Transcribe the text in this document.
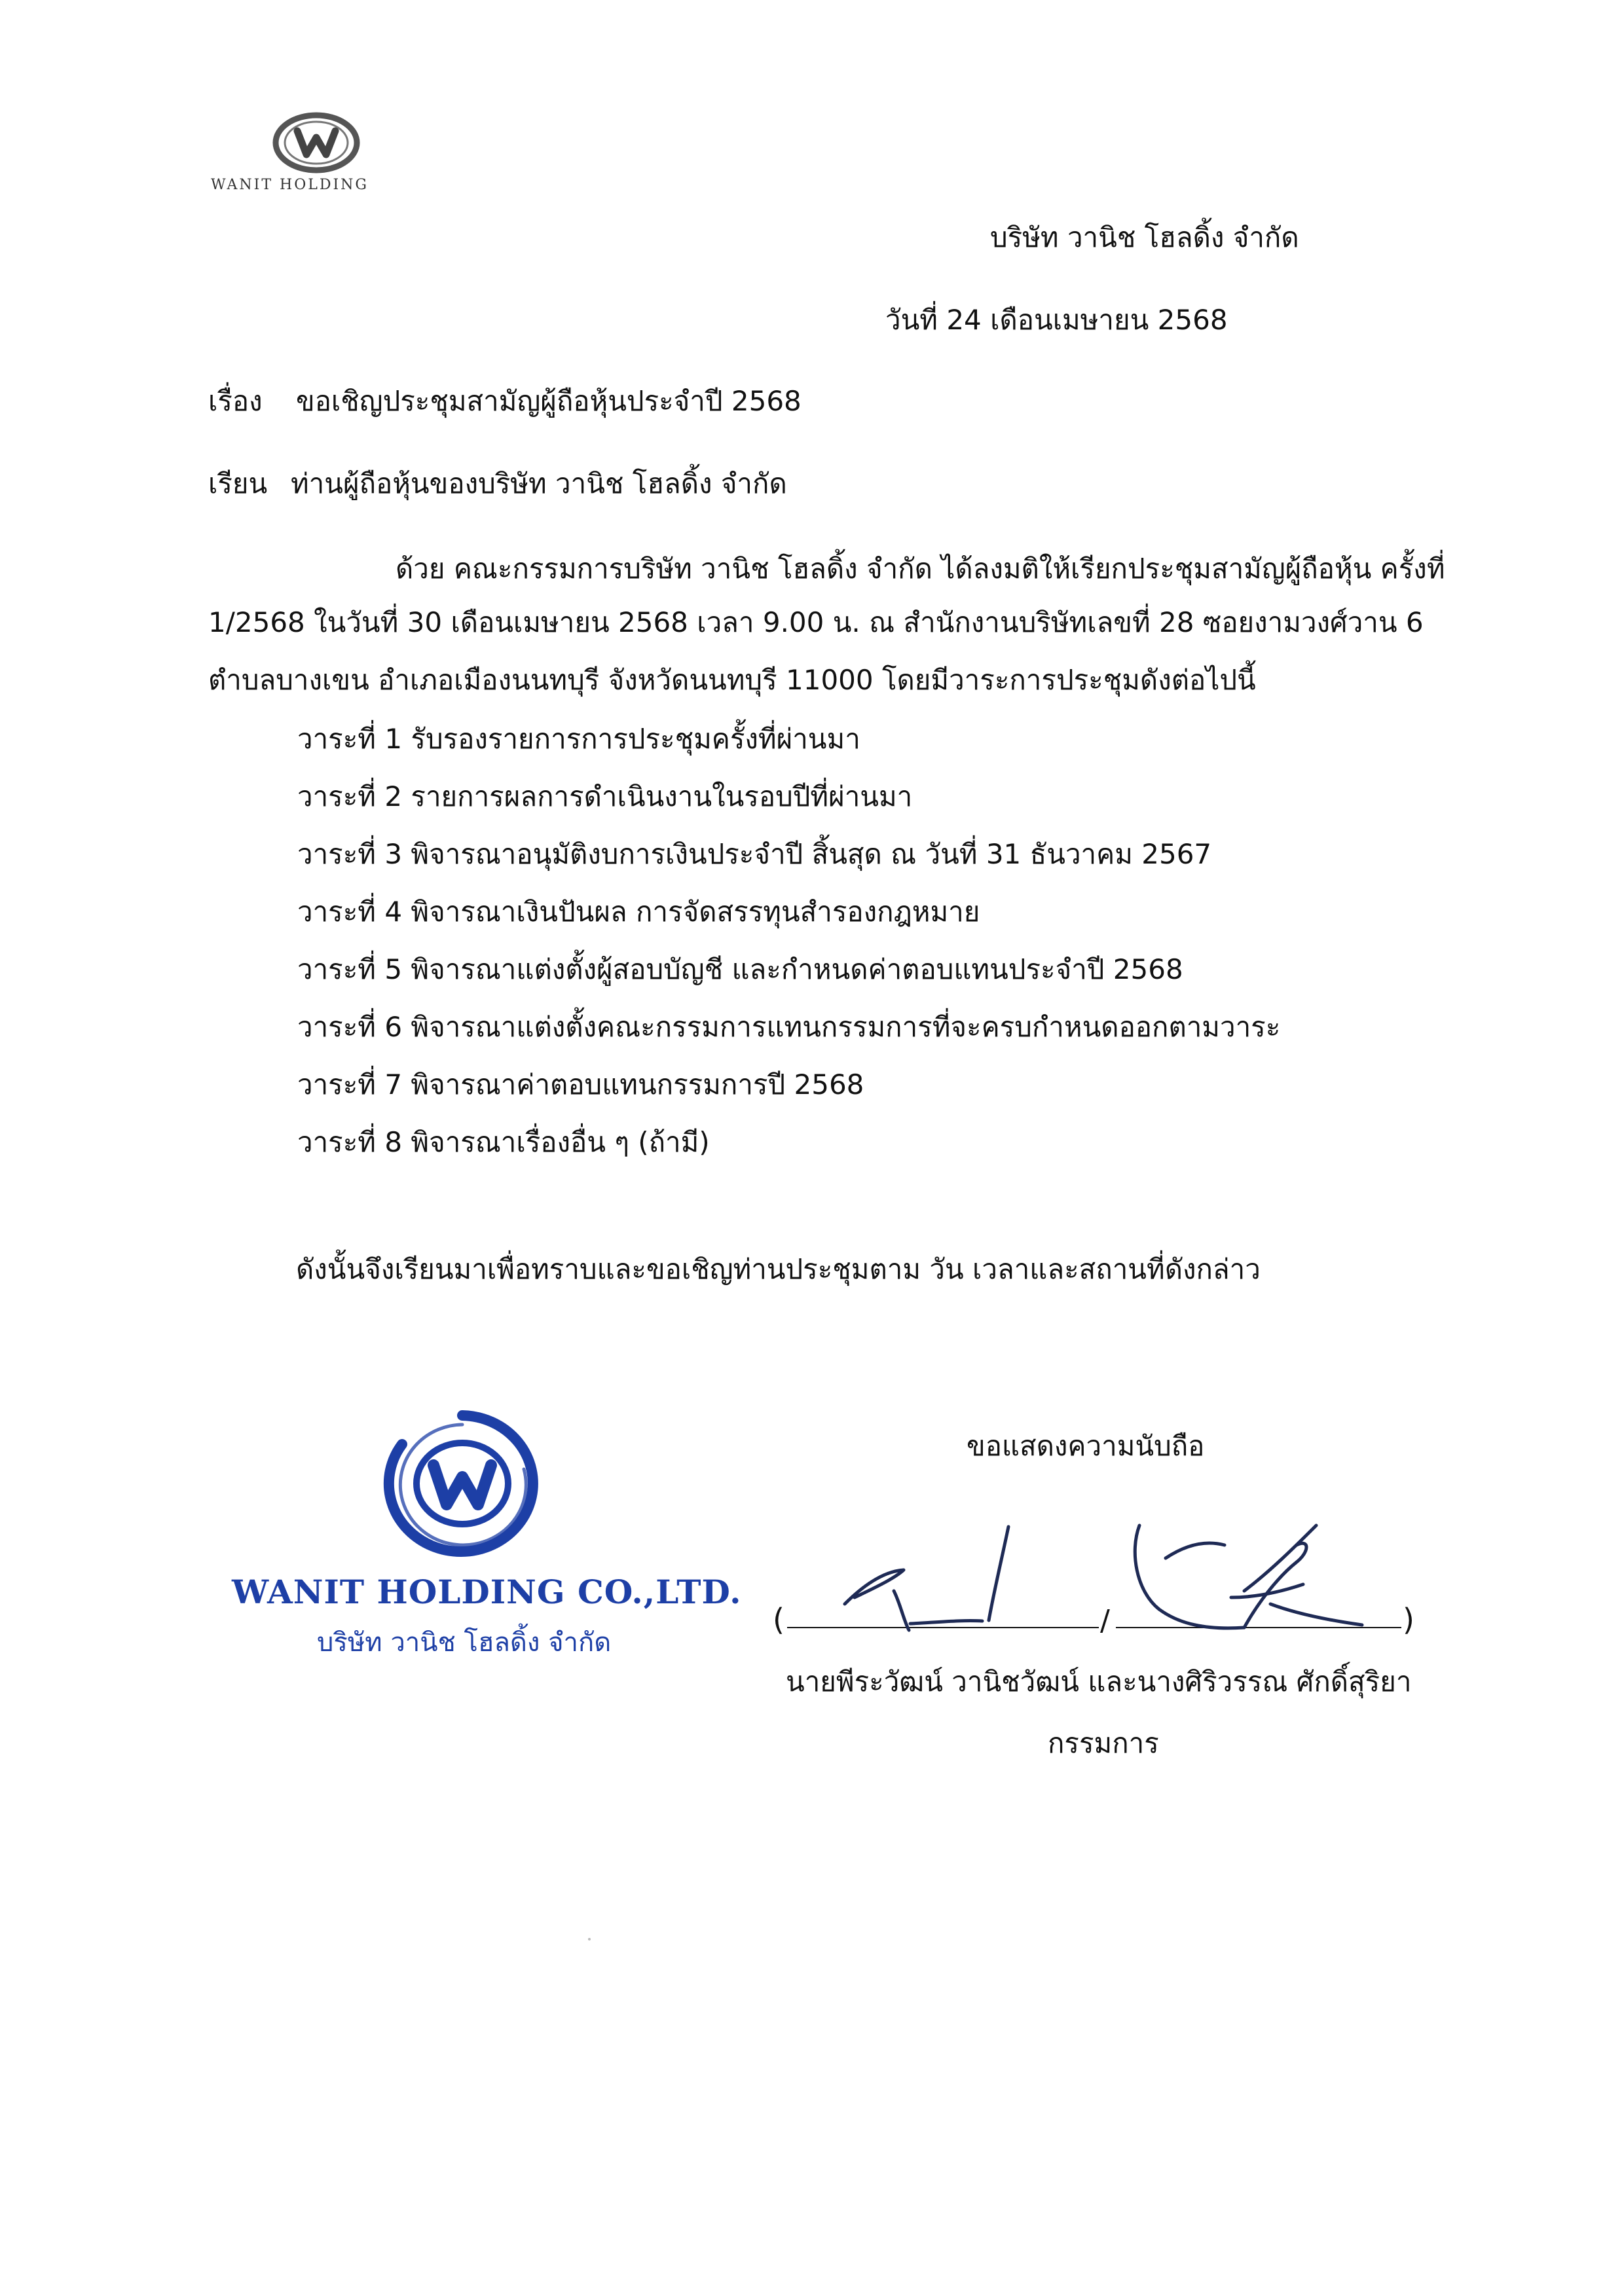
WANIT HOLDING
บริษัท วานิช โฮลดิ้ง จำกัด
วันที่ 24 เดือนเมษายน 2568
เรื่อง ขอเชิญประชุมสามัญผู้ถือหุ้นประจำปี 2568
เรียน ท่านผู้ถือหุ้นของบริษัท วานิช โฮลดิ้ง จำกัด
ด้วย คณะกรรมการบริษัท วานิช โฮลดิ้ง จำกัด ได้ลงมติให้เรียกประชุมสามัญผู้ถือหุ้น ครั้งที่
1/2568 ในวันที่ 30 เดือนเมษายน 2568 เวลา 9.00 น. ณ สำนักงานบริษัทเลขที่ 28 ซอยงามวงศ์วาน 6
ตำบลบางเขน อำเภอเมืองนนทบุรี จังหวัดนนทบุรี 11000 โดยมีวาระการประชุมดังต่อไปนี้
วาระที่ 1 รับรองรายการการประชุมครั้งที่ผ่านมา
วาระที่ 2 รายการผลการดำเนินงานในรอบปีที่ผ่านมา
วาระที่ 3 พิจารณาอนุมัติงบการเงินประจำปี สิ้นสุด ณ วันที่ 31 ธันวาคม 2567
วาระที่ 4 พิจารณาเงินปันผล การจัดสรรทุนสำรองกฎหมาย
วาระที่ 5 พิจารณาแต่งตั้งผู้สอบบัญชี และกำหนดค่าตอบแทนประจำปี 2568
วาระที่ 6 พิจารณาแต่งตั้งคณะกรรมการแทนกรรมการที่จะครบกำหนดออกตามวาระ
วาระที่ 7 พิจารณาค่าตอบแทนกรรมการปี 2568
วาระที่ 8 พิจารณาเรื่องอื่น ๆ (ถ้ามี)
ดังนั้นจึงเรียนมาเพื่อทราบและขอเชิญท่านประชุมตาม วัน เวลาและสถานที่ดังกล่าว
WANIT HOLDING CO.,LTD.
บริษัท วานิช โฮลดิ้ง จำกัด
ขอแสดงความนับถือ
(	/	)
นายพีระวัฒน์ วานิชวัฒน์ และนางศิริวรรณ ศักดิ์สุริยา
กรรมการ
